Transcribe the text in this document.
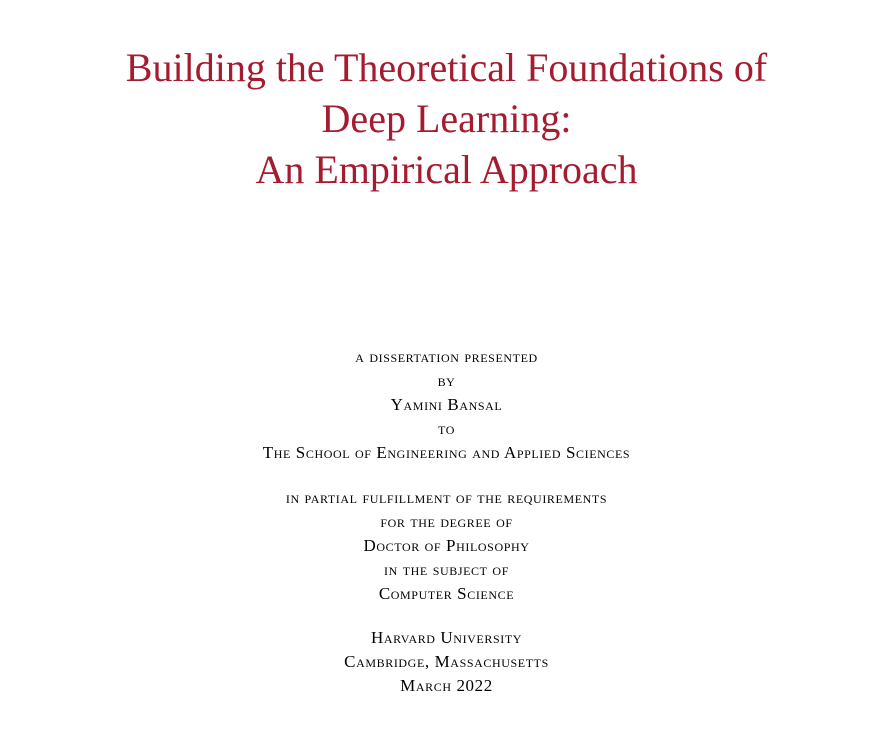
Building the Theoretical Foundations of
Deep Learning:
An Empirical Approach
a dissertation presented
by
Yamini Bansal
to
The School of Engineering and Applied Sciences
in partial fulfillment of the requirements
for the degree of
Doctor of Philosophy
in the subject of
Computer Science
Harvard University
Cambridge, Massachusetts
March 2022
